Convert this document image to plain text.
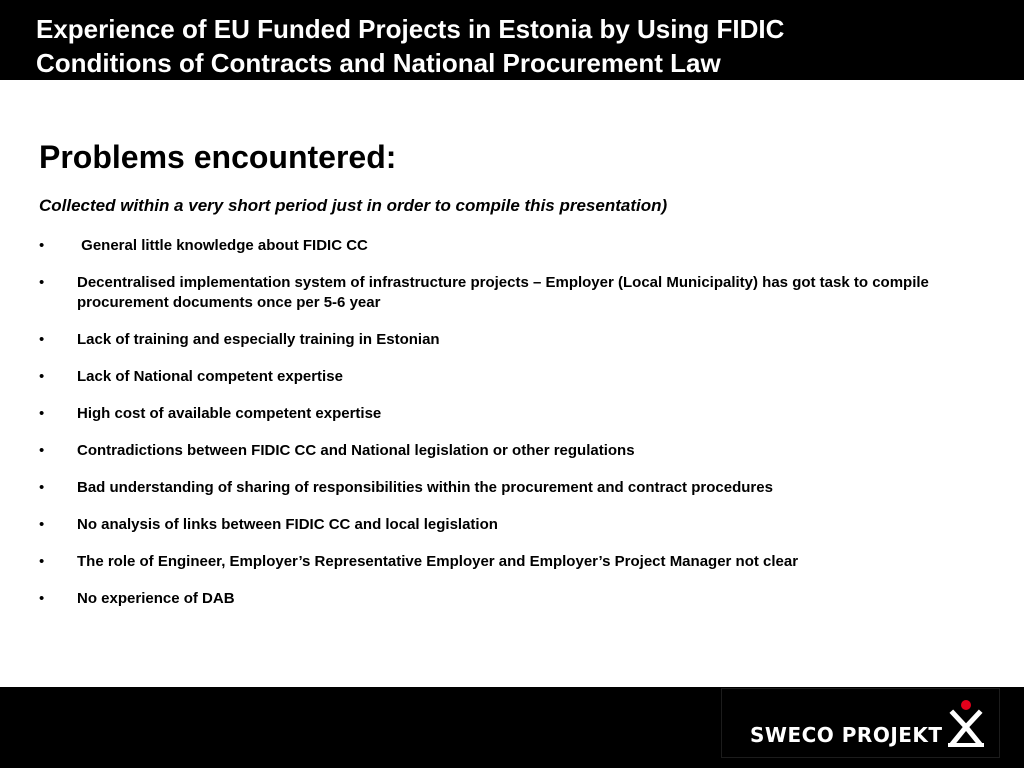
Experience of EU Funded Projects in Estonia by Using FIDIC
Conditions of Contracts and National Procurement Law
Problems encountered:
Collected within a very short period just in order to compile this presentation)
• General little knowledge about FIDIC CC
• Decentralised implementation system of infrastructure projects – Employer (Local Municipality) has got task to compile procurement documents once per 5-6 year
• Lack of training and especially training in Estonian
• Lack of National competent expertise
• High cost of available competent expertise
• Contradictions between FIDIC CC and National legislation or other regulations
• Bad understanding of sharing of responsibilities within the procurement and contract procedures
• No analysis of links between FIDIC CC and local legislation
• The role of Engineer, Employer’s Representative Employer and Employer’s Project Manager not clear
• No experience of DAB
SWECO PROJEKT
